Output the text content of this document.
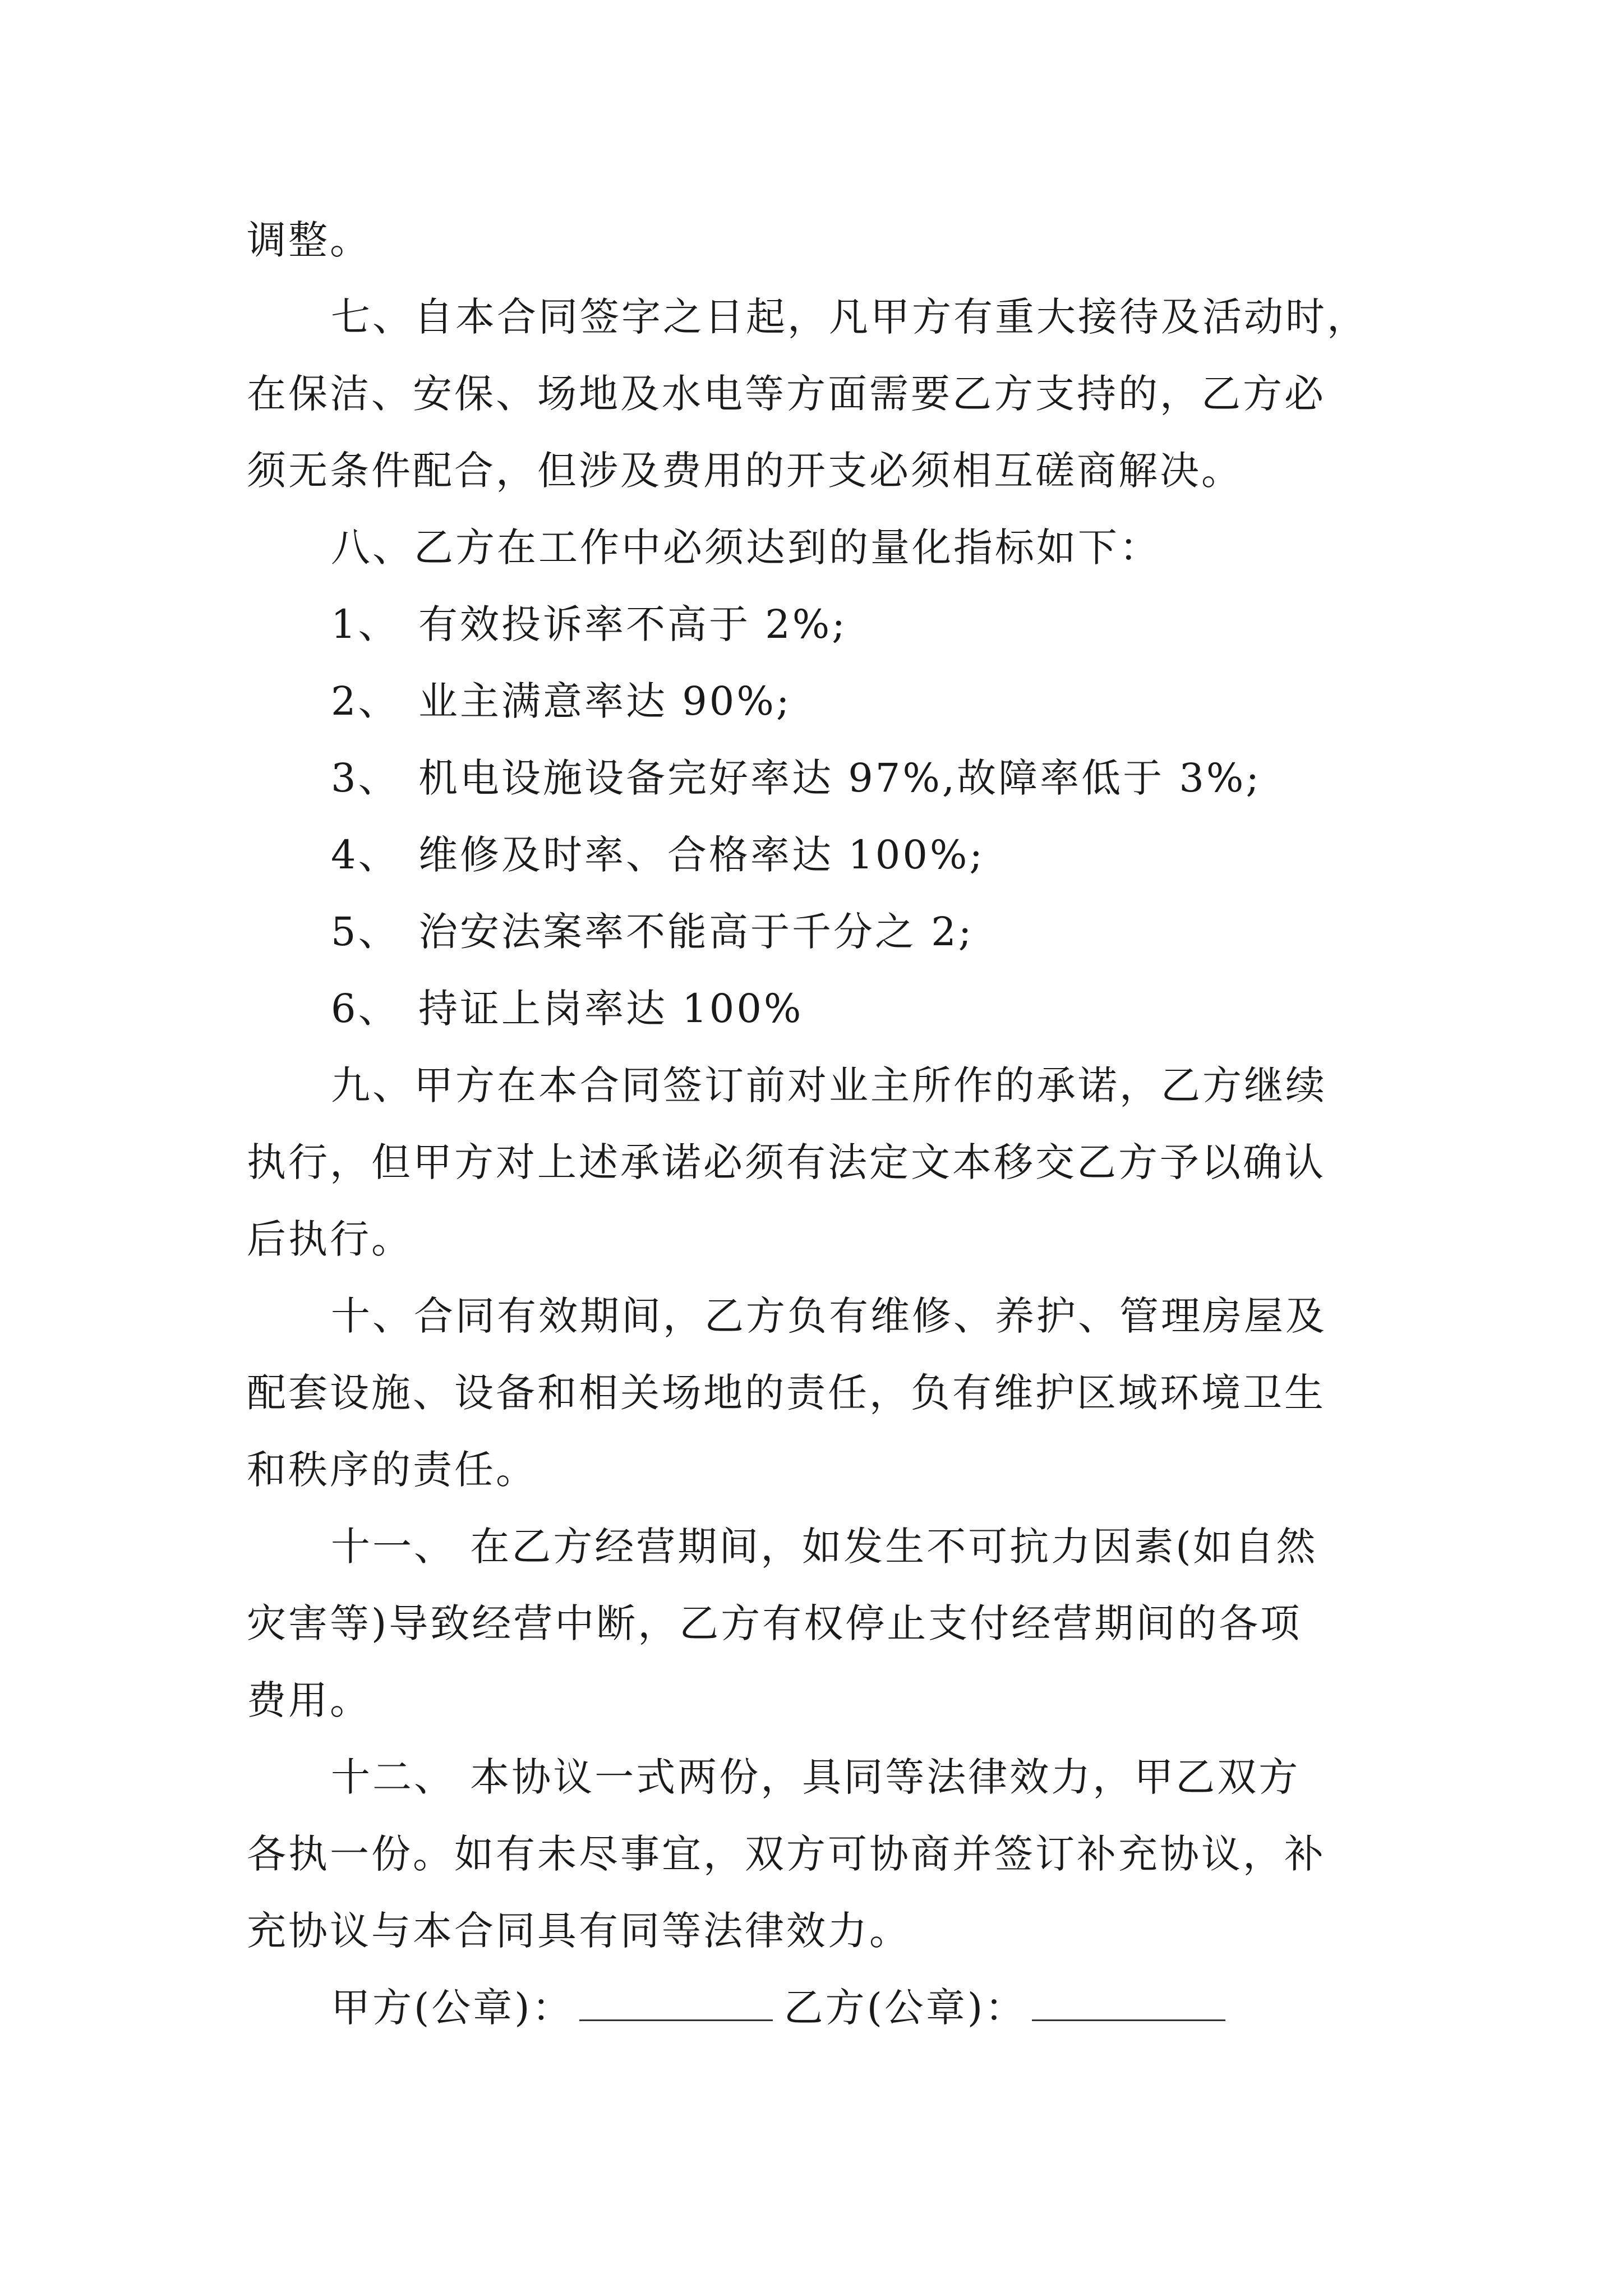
调整。
七、自本合同签字之日起，凡甲方有重大接待及活动时，
在保洁、安保、场地及水电等方面需要乙方支持的，乙方必
须无条件配合，但涉及费用的开支必须相互磋商解决。
八、乙方在工作中必须达到的量化指标如下：
1、 有效投诉率不高于 2%;
2、 业主满意率达 90%;
3、 机电设施设备完好率达 97%,故障率低于 3%;
4、 维修及时率、合格率达 100%;
5、 治安法案率不能高于千分之 2;
6、 持证上岗率达 100%
九、甲方在本合同签订前对业主所作的承诺，乙方继续
执行，但甲方对上述承诺必须有法定文本移交乙方予以确认
后执行。
十、合同有效期间，乙方负有维修、养护、管理房屋及
配套设施、设备和相关场地的责任，负有维护区域环境卫生
和秩序的责任。
十一、 在乙方经营期间，如发生不可抗力因素(如自然
灾害等)导致经营中断，乙方有权停止支付经营期间的各项
费用。
十二、 本协议一式两份，具同等法律效力，甲乙双方
各执一份。如有未尽事宜，双方可协商并签订补充协议，补
充协议与本合同具有同等法律效力。
甲方(公章)：	乙方(公章)：
